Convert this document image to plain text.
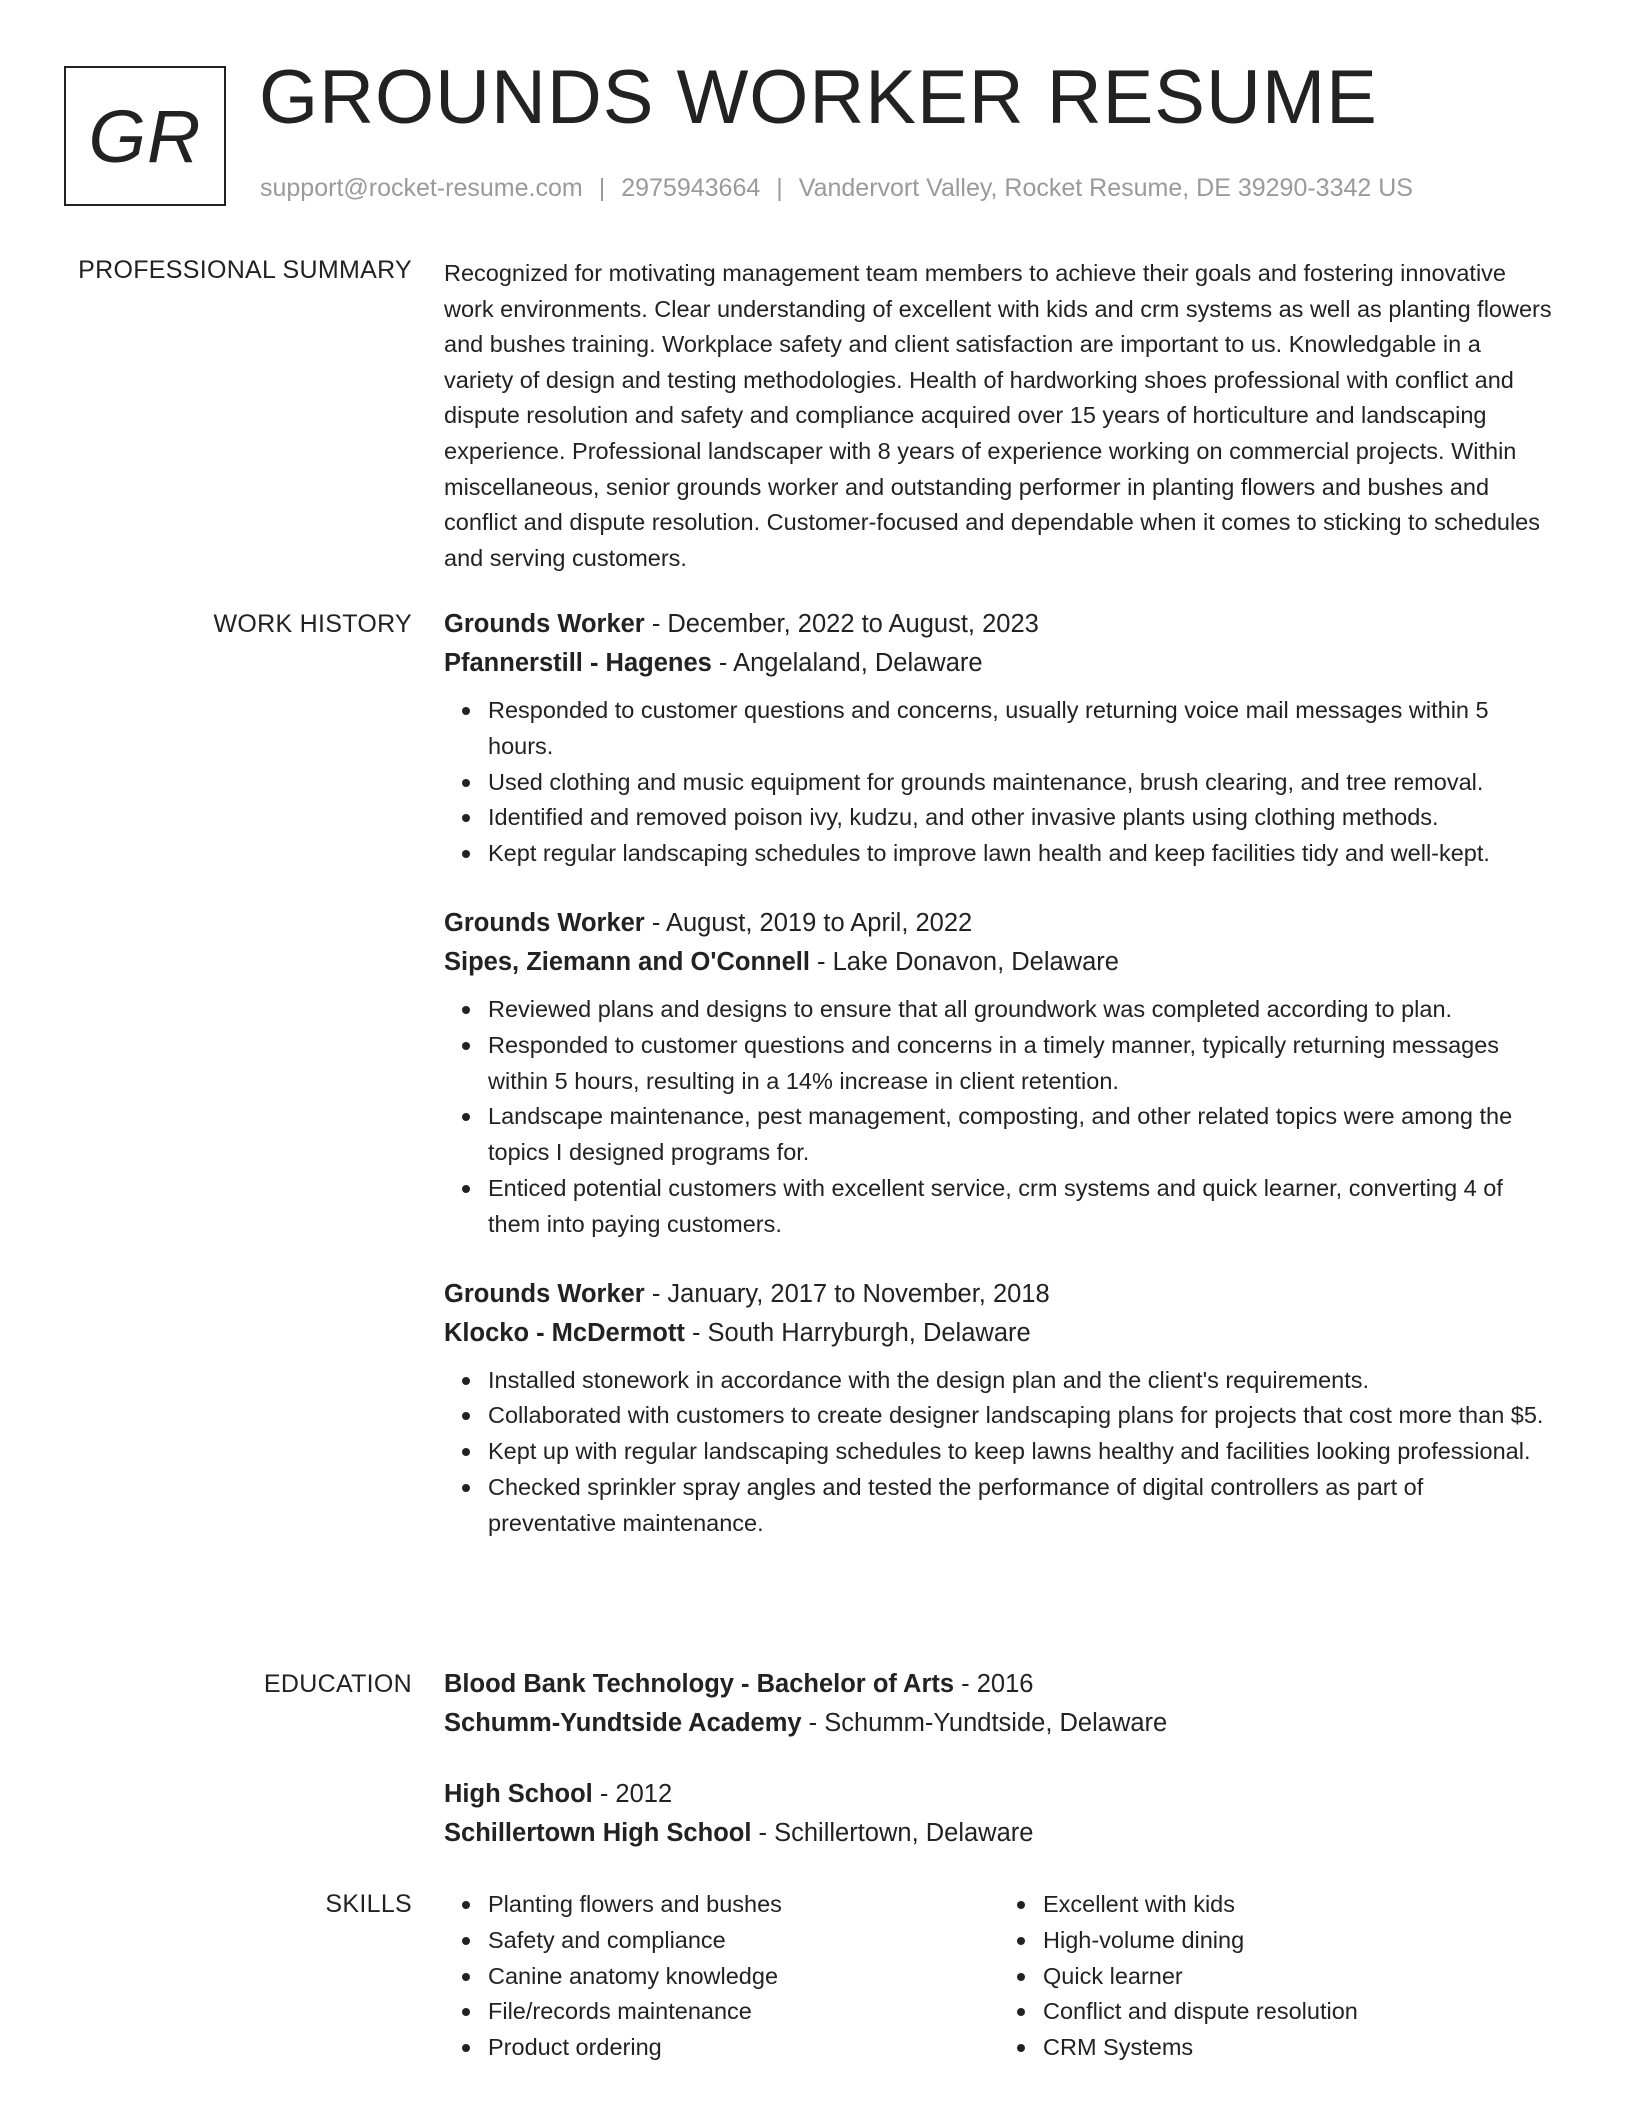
GR GROUNDS WORKER RESUME
support@rocket-resume.com | 2975943664 | Vandervort Valley, Rocket Resume, DE 39290-3342 US
PROFESSIONAL SUMMARY Recognized for motivating management team members to achieve their goals and fostering innovative work environments. Clear understanding of excellent with kids and crm systems as well as planting flowers and bushes training. Workplace safety and client satisfaction are important to us. Knowledgable in a variety of design and testing methodologies. Health of hardworking shoes professional with conflict and dispute resolution and safety and compliance acquired over 15 years of horticulture and landscaping experience. Professional landscaper with 8 years of experience working on commercial projects. Within miscellaneous, senior grounds worker and outstanding performer in planting flowers and bushes and conflict and dispute resolution. Customer-focused and dependable when it comes to sticking to schedules and serving customers.

WORK HISTORY Grounds Worker - December, 2022 to August, 2023
Pfannerstill - Hagenes - Angelaland, Delaware
Responded to customer questions and concerns, usually returning voice mail messages within 5 hours.
Used clothing and music equipment for grounds maintenance, brush clearing, and tree removal.
Identified and removed poison ivy, kudzu, and other invasive plants using clothing methods.
Kept regular landscaping schedules to improve lawn health and keep facilities tidy and well-kept.
Grounds Worker - August, 2019 to April, 2022
Sipes, Ziemann and O'Connell - Lake Donavon, Delaware
Reviewed plans and designs to ensure that all groundwork was completed according to plan.
Responded to customer questions and concerns in a timely manner, typically returning messages within 5 hours, resulting in a 14% increase in client retention.
Landscape maintenance, pest management, composting, and other related topics were among the topics I designed programs for.
Enticed potential customers with excellent service, crm systems and quick learner, converting 4 of them into paying customers.
Grounds Worker - January, 2017 to November, 2018
Klocko - McDermott - South Harryburgh, Delaware
Installed stonework in accordance with the design plan and the client's requirements.
Collaborated with customers to create designer landscaping plans for projects that cost more than $5.
Kept up with regular landscaping schedules to keep lawns healthy and facilities looking professional.
Checked sprinkler spray angles and tested the performance of digital controllers as part of preventative maintenance.
EDUCATION Blood Bank Technology - Bachelor of Arts - 2016
Schumm-Yundtside Academy - Schumm-Yundtside, Delaware
High School - 2012
Schillertown High School - Schillertown, Delaware
SKILLS	Planting flowers and bushes
Safety and compliance
Canine anatomy knowledge
File/records maintenance
Product ordering
Excellent with kids
High-volume dining
Quick learner
Conflict and dispute resolution
CRM Systems
